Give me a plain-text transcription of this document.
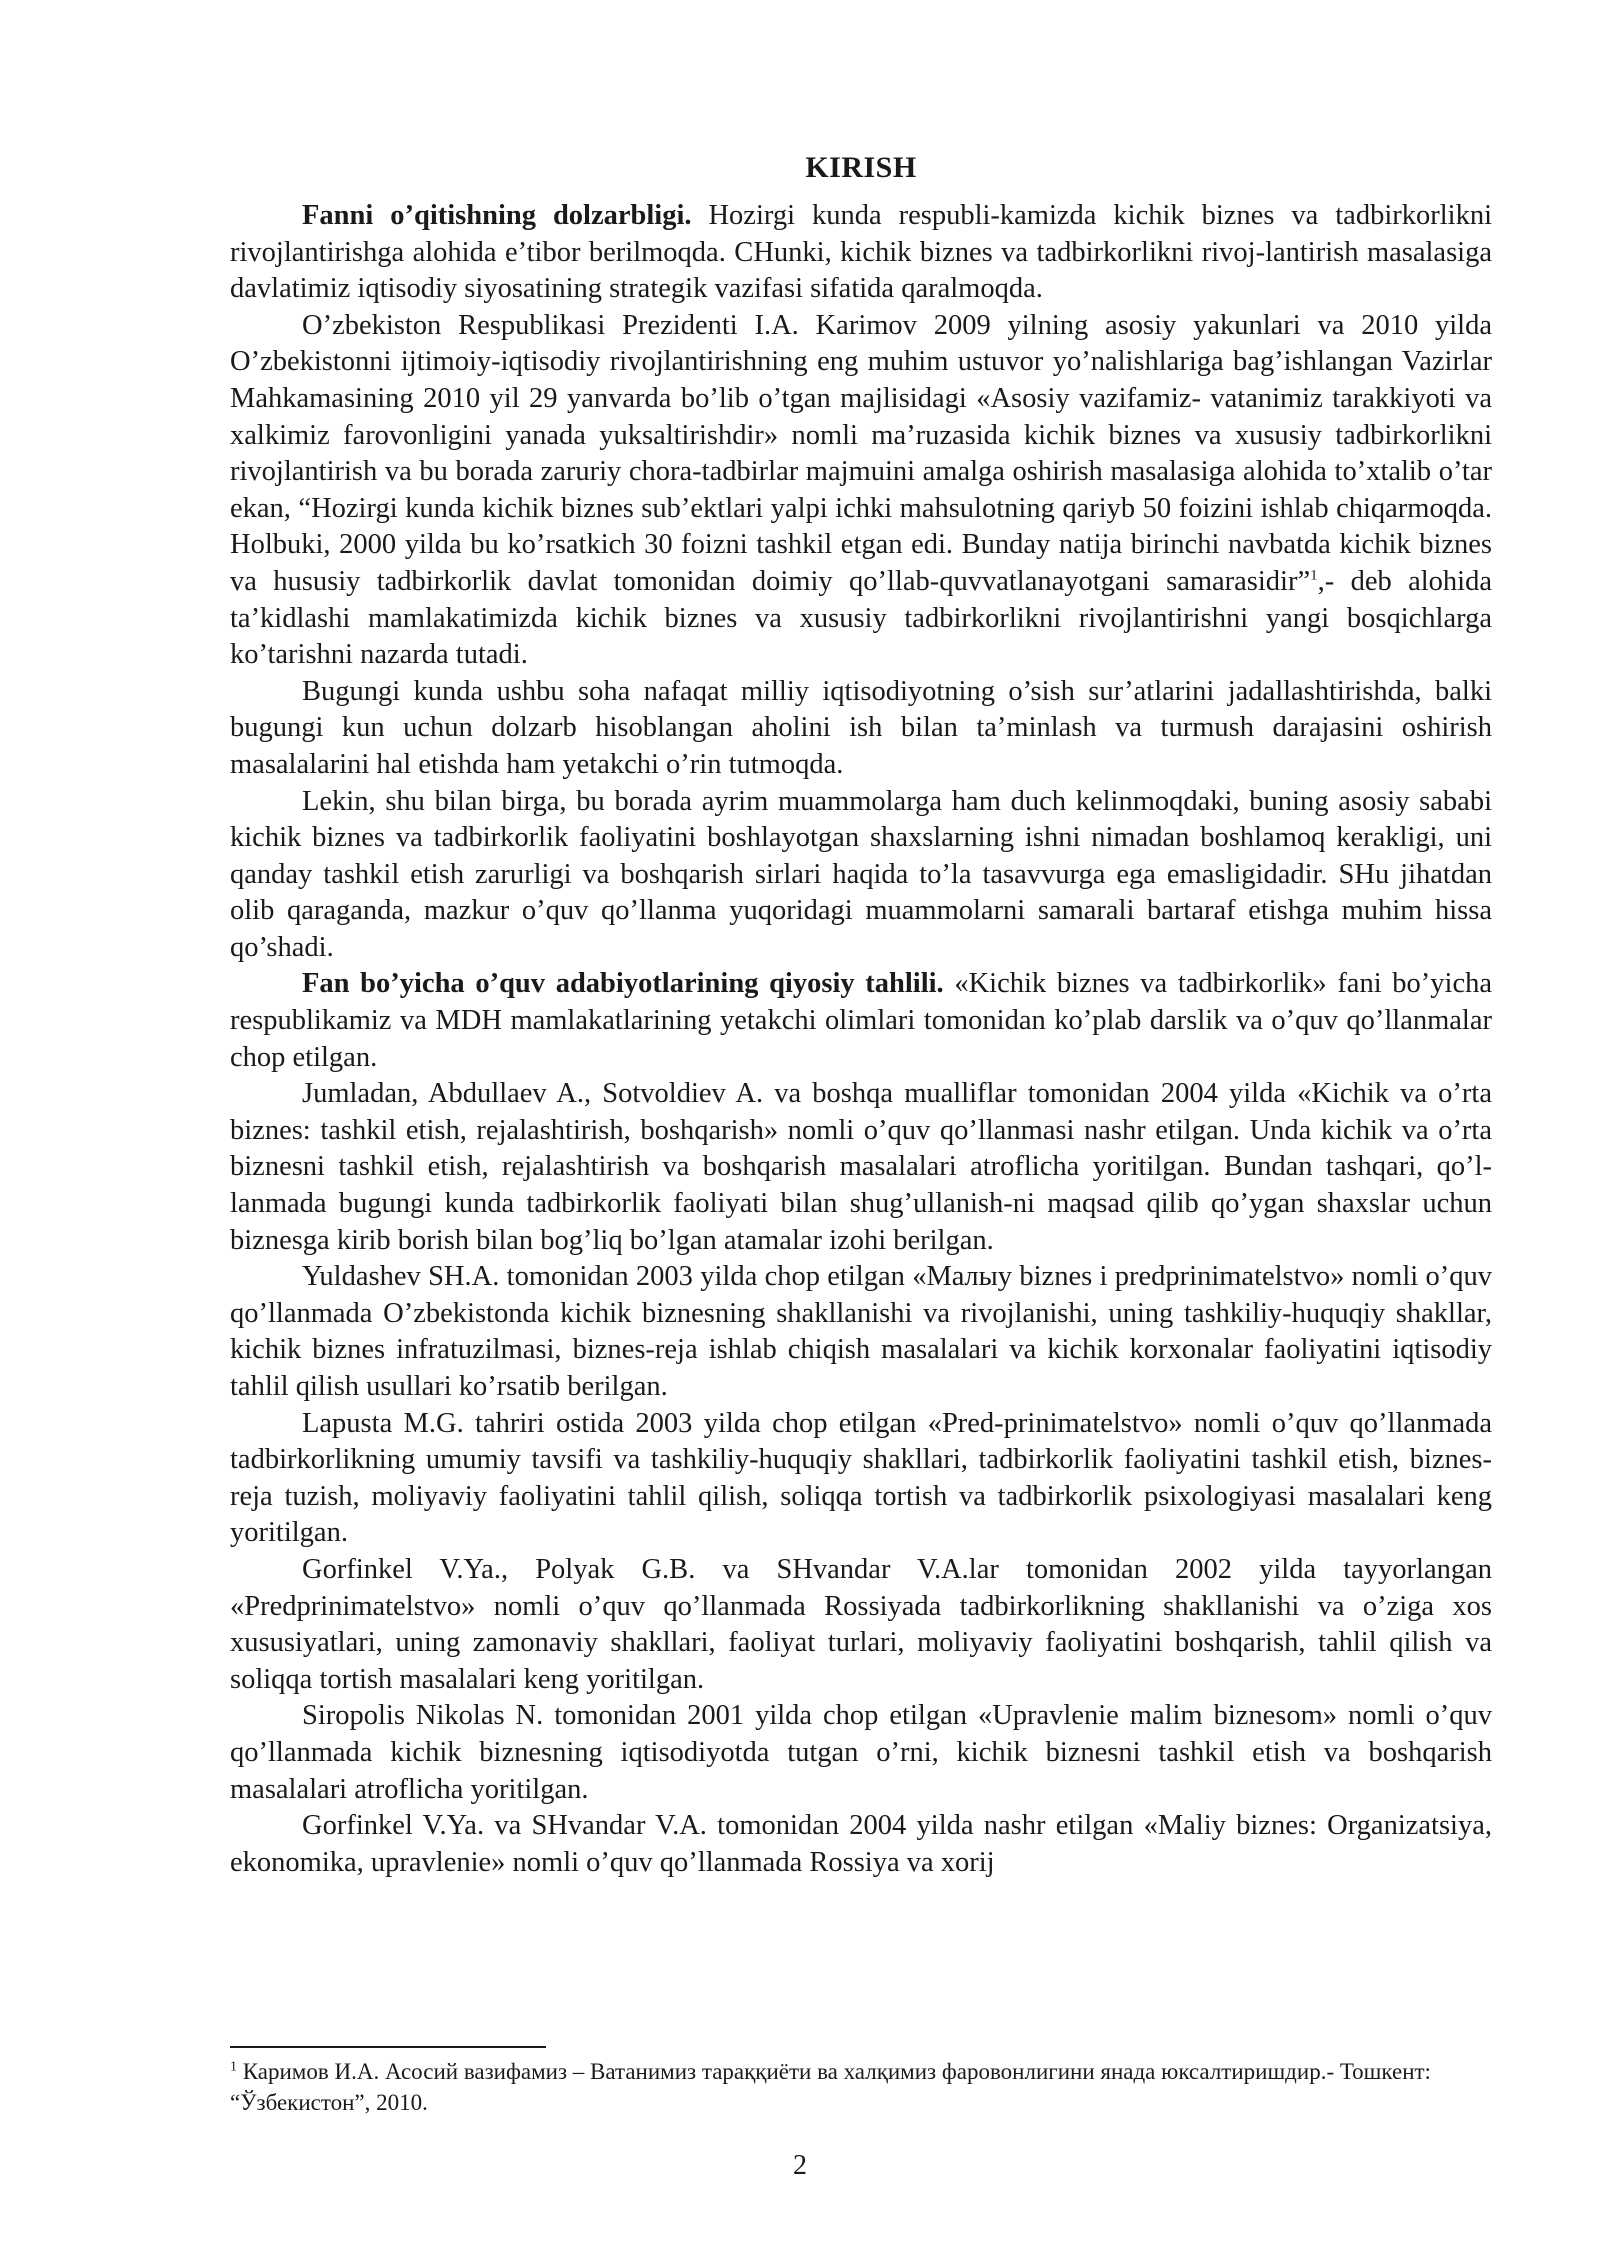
KIRISH

Fanni o’qitishning dolzarbligi. Hozirgi kunda respubli-kamizda kichik biznes va tadbirkorlikni rivojlantirishga alohida e’tibor berilmoqda. CHunki, kichik biznes va tadbirkorlikni rivoj-lantirish masalasiga davlatimiz iqtisodiy siyosatining strategik vazifasi sifatida qaralmoqda.

O’zbekiston Respublikasi Prezidenti I.A. Karimov 2009 yilning asosiy yakunlari va 2010 yilda O’zbekistonni ijtimoiy-iqtisodiy rivojlantirishning eng muhim ustuvor yo’nalishlariga bag’ishlangan Vazirlar Mahkamasining 2010 yil 29 yanvarda bo’lib o’tgan majlisidagi «Asosiy vazifamiz- vatanimiz tarakkiyoti va xalkimiz farovonligini yanada yuksaltirishdir» nomli ma’ruzasida kichik biznes va xususiy tadbirkorlikni rivojlantirish va bu borada zaruriy chora-tadbirlar majmuini amalga oshirish masalasiga alohida to’xtalib o’tar ekan, “Hozirgi kunda kichik biznes sub’ektlari yalpi ichki mahsulotning qariyb 50 foizini ishlab chiqarmoqda. Holbuki, 2000 yilda bu ko’rsatkich 30 foizni tashkil etgan edi. Bunday natija birinchi navbatda kichik biznes va hususiy tadbirkorlik davlat tomonidan doimiy qo’llab-quvvatlanayotgani samarasidir”$^1$,- deb alohida ta’kidlashi mamlakatimizda kichik biznes va xususiy tadbirkorlikni rivojlantirishni yangi bosqichlarga ko’tarishni nazarda tutadi.

Bugungi kunda ushbu soha nafaqat milliy iqtisodiyotning o’sish sur’atlarini jadallashtirishda, balki bugungi kun uchun dolzarb hisoblangan aholini ish bilan ta’minlash va turmush darajasini oshirish masalalarini hal etishda ham yetakchi o’rin tutmoqda.

Lekin, shu bilan birga, bu borada ayrim muammolarga ham duch kelinmoqdaki, buning asosiy sababi kichik biznes va tadbirkorlik faoliyatini boshlayotgan shaxslarning ishni nimadan boshlamoq kerakligi, uni qanday tashkil etish zarurligi va boshqarish sirlari haqida to’la tasavvurga ega emasligidadir. SHu jihatdan olib qaraganda, mazkur o’quv qo’llanma yuqoridagi muammolarni samarali bartaraf etishga muhim hissa qo’shadi.

Fan bo’yicha o’quv adabiyotlarining qiyosiy tahlili. «Kichik biznes va tadbirkorlik» fani bo’yicha respublikamiz va MDH mamlakatlarining yetakchi olimlari tomonidan ko’plab darslik va o’quv qo’llanmalar chop etilgan.

Jumladan, Abdullaev A., Sotvoldiev A. va boshqa mualliflar tomonidan 2004 yilda «Kichik va o’rta biznes: tashkil etish, rejalashtirish, boshqarish» nomli o’quv qo’llanmasi nashr etilgan. Unda kichik va o’rta biznesni tashkil etish, rejalashtirish va boshqarish masalalari atroflicha yoritilgan. Bundan tashqari, qo’l-lanmada bugungi kunda tadbirkorlik faoliyati bilan shug’ullanish-ni maqsad qilib qo’ygan shaxslar uchun biznesga kirib borish bilan bog’liq bo’lgan atamalar izohi berilgan.

Yuldashev SH.A. tomonidan 2003 yilda chop etilgan «Maлыy biznes i predprinimatelstvo» nomli o’quv qo’llanmada O’zbekistonda kichik biznesning shakllanishi va rivojlanishi, uning tashkiliy-huquqiy shakllar, kichik biznes infratuzilmasi, biznes-reja ishlab chiqish masalalari va kichik korxonalar faoliyatini iqtisodiy tahlil qilish usullari ko’rsatib berilgan.

Lapusta M.G. tahriri ostida 2003 yilda chop etilgan «Pred-prinimatelstvo» nomli o’quv qo’llanmada tadbirkorlikning umumiy tavsifi va tashkiliy-huquqiy shakllari, tadbirkorlik faoliyatini tashkil etish, biznes-reja tuzish, moliyaviy faoliyatini tahlil qilish, soliqqa tortish va tadbirkorlik psixologiyasi masalalari keng yoritilgan.

Gorfinkel V.Ya., Polyak G.B. va SHvandar V.A.lar tomonidan 2002 yilda tayyorlangan «Predprinimatelstvo» nomli o’quv qo’llanmada Rossiyada tadbirkorlikning shakllanishi va o’ziga xos xususiyatlari, uning zamonaviy shakllari, faoliyat turlari, moliyaviy faoliyatini boshqarish, tahlil qilish va soliqqa tortish masalalari keng yoritilgan.

Siropolis Nikolas N. tomonidan 2001 yilda chop etilgan «Upravlenie malim biznesom» nomli o’quv qo’llanmada kichik biznesning iqtisodiyotda tutgan o’rni, kichik biznesni tashkil etish va boshqarish masalalari atroflicha yoritilgan.

Gorfinkel V.Ya. va SHvandar V.A. tomonidan 2004 yilda nashr etilgan «Maliy biznes: Organizatsiya, ekonomika, upravlenie» nomli o’quv qo’llanmada Rossiya va xorij

$^1$ Каримов И.А. Асосий вазифамиз – Ватанимиз тараққиёти ва халқимиз фаровонлигини янада юксалтиришдир.- Тошкент: “Ўзбекистон”, 2010.

2
